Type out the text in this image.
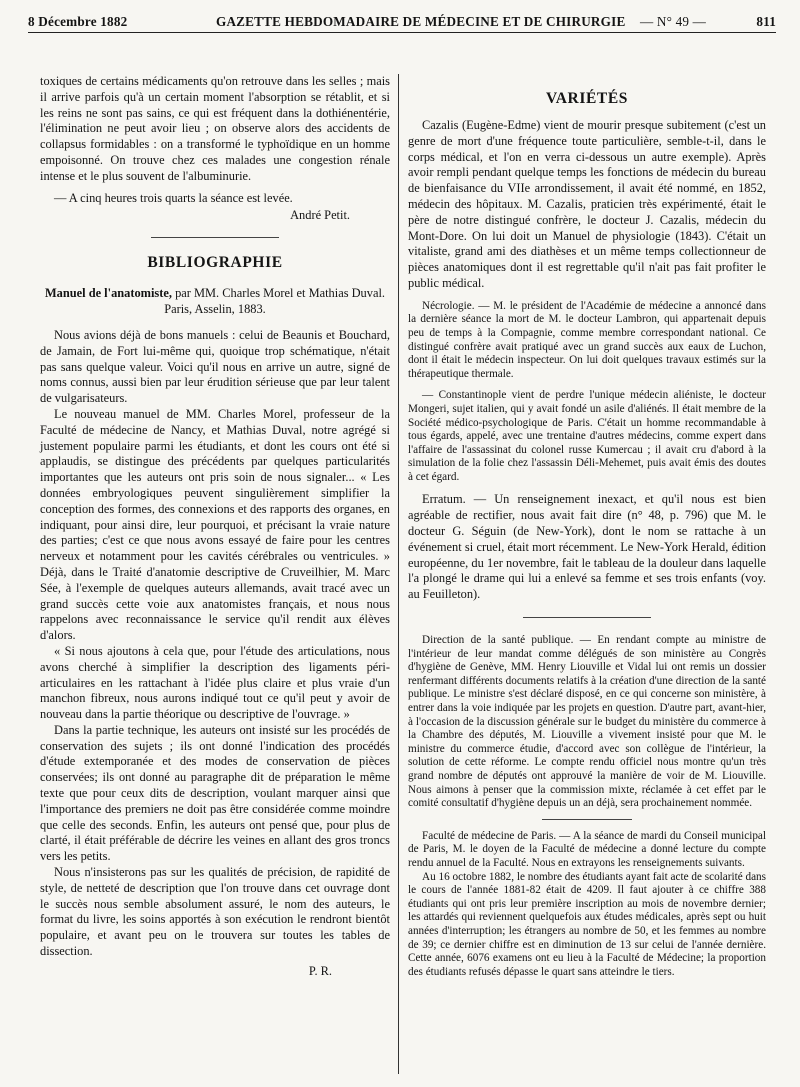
8 Décembre 1882	GAZETTE HEBDOMADAIRE DE MÉDECINE ET DE CHIRURGIE — N° 49 —	811

toxiques de certains médicaments qu'on retrouve dans les selles ; mais il arrive parfois qu'à un certain moment l'absorption se rétablit, et si les reins ne sont pas sains, ce qui est fréquent dans la dothiénentérie, l'élimination ne peut avoir lieu ; on observe alors des accidents de collapsus formidables : on a transformé le typhoïdique en un homme empoisonné. On trouve chez ces malades une congestion rénale intense et le plus souvent de l'albuminurie.

— A cinq heures trois quarts la séance est levée.

André Petit.
BIBLIOGRAPHIE
Manuel de l'anatomiste, par MM. Charles Morel et Mathias Duval. Paris, Asselin, 1883.

Nous avions déjà de bons manuels : celui de Beaunis et Bouchard, de Jamain, de Fort lui-même qui, quoique trop schématique, n'était pas sans quelque valeur. Voici qu'il nous en arrive un autre, signé de noms connus, aussi bien par leur érudition sérieuse que par leur talent de vulgarisateurs.

Le nouveau manuel de MM. Charles Morel, professeur de la Faculté de médecine de Nancy, et Mathias Duval, notre agrégé si justement populaire parmi les étudiants, et dont les cours ont été si applaudis, se distingue des précédents par quelques particularités importantes que les auteurs ont pris soin de nous signaler... « Les données embryologiques peuvent singulièrement simplifier la conception des formes, des connexions et des rapports des organes, en indiquant, pour ainsi dire, leur pourquoi, et précisant la vraie nature des parties; c'est ce que nous avons essayé de faire pour les centres nerveux et notamment pour les cavités cérébrales ou ventricules. » Déjà, dans le Traité d'anatomie descriptive de Cruveilhier, M. Marc Sée, à l'exemple de quelques auteurs allemands, avait tracé avec un grand succès cette voie aux anatomistes français, et nous nous rappelons avec reconnaissance le service qu'il rendit aux élèves d'alors.

« Si nous ajoutons à cela que, pour l'étude des articulations, nous avons cherché à simplifier la description des ligaments péri-articulaires en les rattachant à l'idée plus claire et plus vraie d'un manchon fibreux, nous aurons indiqué tout ce qu'il peut y avoir de nouveau dans la partie théorique ou descriptive de l'ouvrage. »

Dans la partie technique, les auteurs ont insisté sur les procédés de conservation des sujets ; ils ont donné l'indication des procédés d'étude extemporanée et des modes de conservation de pièces conservées; ils ont donné au paragraphe dit de préparation le même texte que pour ceux dits de description, voulant marquer ainsi que l'importance des premiers ne doit pas être considérée comme moindre que celle des seconds. Enfin, les auteurs ont pensé que, pour plus de clarté, il était préférable de décrire les veines en allant des gros troncs vers les petits.

Nous n'insisterons pas sur les qualités de précision, de rapidité de style, de netteté de description que l'on trouve dans cet ouvrage dont le succès nous semble absolument assuré, le nom des auteurs, le format du livre, les soins apportés à son exécution le rendront bientôt populaire, et avant peu on le trouvera sur toutes les tables de dissection.

P. R.
VARIÉTÉS

Cazalis (Eugène-Edme) vient de mourir presque subitement (c'est un genre de mort d'une fréquence toute particulière, semble-t-il, dans le corps médical, et l'on en verra ci-dessous un autre exemple). Après avoir rempli pendant quelque temps les fonctions de médecin du bureau de bienfaisance du VIIe arrondissement, il avait été nommé, en 1852, médecin des hôpitaux. M. Cazalis, praticien très expérimenté, était le père de notre distingué confrère, le docteur J. Cazalis, médecin du Mont-Dore. On lui doit un Manuel de physiologie (1843). C'était un vitaliste, grand ami des diathèses et un même temps collectionneur de pièces anatomiques dont il est regrettable qu'il n'ait pas fait profiter le public médical.

Nécrologie. — M. le président de l'Académie de médecine a annoncé dans la dernière séance la mort de M. le docteur Lambron, qui appartenait depuis peu de temps à la Compagnie, comme membre correspondant national. Ce distingué confrère avait pratiqué avec un grand succès aux eaux de Luchon, dont il était le médecin inspecteur. On lui doit quelques travaux estimés sur la thérapeutique thermale.

— Constantinople vient de perdre l'unique médecin aliéniste, le docteur Mongeri, sujet italien, qui y avait fondé un asile d'aliénés. Il était membre de la Société médico-psychologique de Paris. C'était un homme recommandable à tous égards, appelé, avec une trentaine d'autres médecins, comme expert dans l'affaire de l'assassinat du colonel russe Kumercau ; il avait cru d'abord à la simulation de la folie chez l'assassin Déli-Mehemet, puis avait émis des doutes à cet égard.

Erratum. — Un renseignement inexact, et qu'il nous est bien agréable de rectifier, nous avait fait dire (n° 48, p. 796) que M. le docteur G. Séguin (de New-York), dont le nom se rattache à un événement si cruel, était mort récemment. Le New-York Herald, édition européenne, du 1er novembre, fait le tableau de la douleur dans laquelle l'a plongé le drame qui lui a enlevé sa femme et ses trois enfants (voy. au Feuilleton).

Direction de la santé publique. — En rendant compte au ministre de l'intérieur de leur mandat comme délégués de son ministère au Congrès d'hygiène de Genève, MM. Henry Liouville et Vidal lui ont remis un dossier renfermant différents documents relatifs à la création d'une direction de la santé publique. Le ministre s'est déclaré disposé, en ce qui concerne son ministère, à entrer dans la voie indiquée par les projets en question. D'autre part, avant-hier, à l'occasion de la discussion générale sur le budget du ministère du commerce à la Chambre des députés, M. Liouville a vivement insisté pour que M. le ministre du commerce étudie, d'accord avec son collègue de l'intérieur, la solution de cette réforme. Le compte rendu officiel nous montre qu'un très grand nombre de députés ont approuvé la manière de voir de M. Liouville. Nous aimons à penser que la commission mixte, réclamée à cet effet par le comité consultatif d'hygiène depuis un an déjà, sera prochainement nommée.

Faculté de médecine de Paris. — A la séance de mardi du Conseil municipal de Paris, M. le doyen de la Faculté de médecine a donné lecture du compte rendu annuel de la Faculté. Nous en extrayons les renseignements suivants.

Au 16 octobre 1882, le nombre des étudiants ayant fait acte de scolarité dans le cours de l'année 1881-82 était de 4209. Il faut ajouter à ce chiffre 388 étudiants qui ont pris leur première inscription au mois de novembre dernier; les attardés qui reviennent quelquefois aux études médicales, après sept ou huit années d'interruption; les étrangers au nombre de 50, et les femmes au nombre de 39; ce dernier chiffre est en diminution de 13 sur celui de l'année dernière. Cette année, 6076 examens ont eu lieu à la Faculté de Médecine; la proportion des étudiants refusés dépasse le quart sans atteindre le tiers.
